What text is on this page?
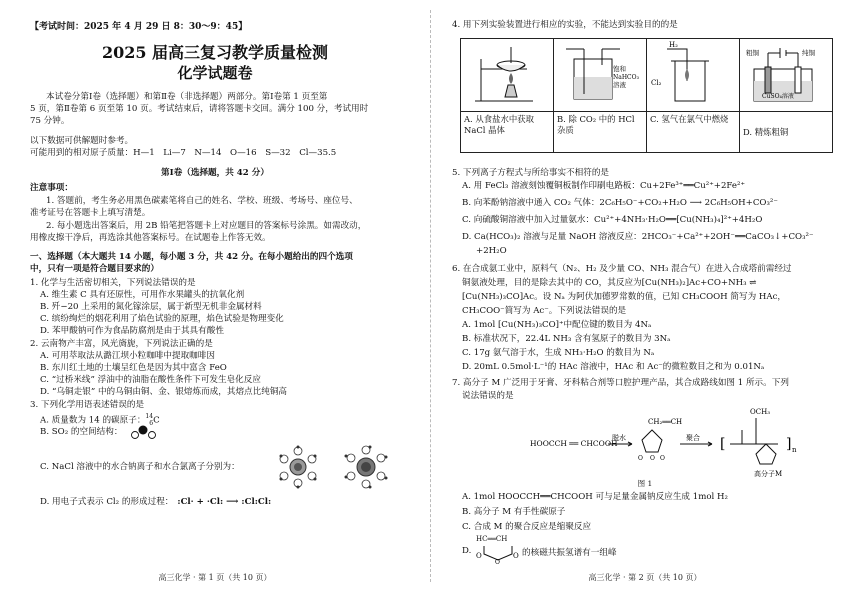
【考试时间：2025 年 4 月 29 日 8：30～9：45】
2025 届高三复习教学质量检测
化学试题卷
本试卷分第Ⅰ卷（选择题）和第Ⅱ卷（非选择题）两部分。第Ⅰ卷第 1 页至第
5 页，第Ⅱ卷第 6 页至第 10 页。考试结束后，请将答题卡交回。满分 100 分，考试用时
75 分钟。
以下数据可供解题时参考。
可能用到的相对原子质量：H—1　Li—7　N—14　O—16　S—32　Cl—35.5
第Ⅰ卷（选择题，共 42 分）
注意事项：
1. 答题前，考生务必用黑色碳素笔将自己的姓名、学校、班级、考场号、座位号、
准考证号在答题卡上填写清楚。
2. 每小题选出答案后，用 2B 铅笔把答题卡上对应题目的答案标号涂黑。如需改动，
用橡皮擦干净后，再选涂其他答案标号。在试题卷上作答无效。
一、选择题（本大题共 14 小题，每小题 3 分，共 42 分。在每小题给出的四个选项
中，只有一项是符合题目要求的）
1. 化学与生活密切相关，下列说法错误的是
A. 维生素 C 具有还原性，可用作水果罐头的抗氧化剂
B. 歼−20 上采用的氮化镓涂层，属于新型无机非金属材料
C. 缤纷绚烂的烟花利用了焰色试验的原理，焰色试验是物理变化
D. 苯甲酸钠可作为食品防腐剂是由于其具有酸性
2. 云南物产丰富，风光旖旎，下列说法正确的是
A. 可用萃取法从潞江坝小粒咖啡中提取咖啡因
B. 东川红土地的土壤呈红色是因为其中富含 FeO
C. “过桥米线” 浮油中的油脂在酸性条件下可发生皂化反应
D. “乌铜走银” 中的乌铜由铜、金、银熔炼而成，其熔点比纯铜高
3. 下列化学用语表述错误的是
A. 质量数为 14 的碳原子： 14
6 C
B. SO₂ 的空间结构：
C. NaCl 溶液中的水合钠离子和水合氯离子分别为：
D. 用电子式表示 Cl₂ 的形成过程： :Cl· + ·Cl: ⟶ :Cl:Cl:
高三化学 · 第 1 页（共 10 页）
4. 用下列实验装置进行相应的实验，不能达到实验目的的是

饱和
NaHCO₃
溶液	H₂
Cl₂	粗铜 纯铜
CuSO₄溶液

A. 从食盐水中获取 NaCl 晶体	B. 除 CO₂ 中的 HCl 杂质	C. 氢气在氯气中燃烧	D. 精炼粗铜
5. 下列离子方程式与所给事实不相符的是
A. 用 FeCl₃ 溶液刻蚀覆铜板制作印刷电路板：Cu+2Fe³⁺══Cu²⁺+2Fe²⁺
B. 向苯酚钠溶液中通入 CO₂ 气体：2C₆H₅O⁻+CO₂+H₂O ⟶ 2C₆H₅OH+CO₃²⁻
C. 向硫酸铜溶液中加入过量氨水：Cu²⁺+4NH₃·H₂O══[Cu(NH₃)₄]²⁺+4H₂O
D. Ca(HCO₃)₂ 溶液与足量 NaOH 溶液反应：2HCO₃⁻+Ca²⁺+2OH⁻══CaCO₃↓+CO₃²⁻
+2H₂O
6. 在合成氨工业中，原料气（N₂、H₂ 及少量 CO、NH₃ 混合气）在进入合成塔前需经过
铜氨液处理，目的是除去其中的 CO，其反应为[Cu(NH₃)₂]Ac+CO+NH₃ ⇌
[Cu(NH₃)₃CO]Ac。设 Nₐ 为阿伏加德罗常数的值，已知 CH₃COOH 简写为 HAc，
CH₃COO⁻简写为 Ac⁻。下列说法错误的是
A. 1mol [Cu(NH₃)₃CO]⁺中配位键的数目为 4Nₐ
B. 标准状况下，22.4L NH₃ 含有氢原子的数目为 3Nₐ
C. 17g 氨气溶于水，生成 NH₃·H₂O 的数目为 Nₐ
D. 20mL 0.5mol·L⁻¹的 HAc 溶液中，HAc 和 Ac⁻的微粒数目之和为 0.01Nₐ
7. 高分子 M 广泛用于牙膏、牙科粘合剂等口腔护理产品，其合成路线如图 1 所示。下列
说法错误的是
HOOCCH ══ CHCOOH
脱水
O O O
CH₂══CH
聚合 [
OCH₃
] n
高分子M
图 1
A. 1mol HOOCCH══CHCOOH 可与足量金属钠反应生成 1mol H₂
B. 高分子 M 有手性碳原子
C. 合成 M 的聚合反应是缩聚反应
D.
HC══CH
O
O
O 的核磁共振氢谱有一组峰
高三化学 · 第 2 页（共 10 页）
